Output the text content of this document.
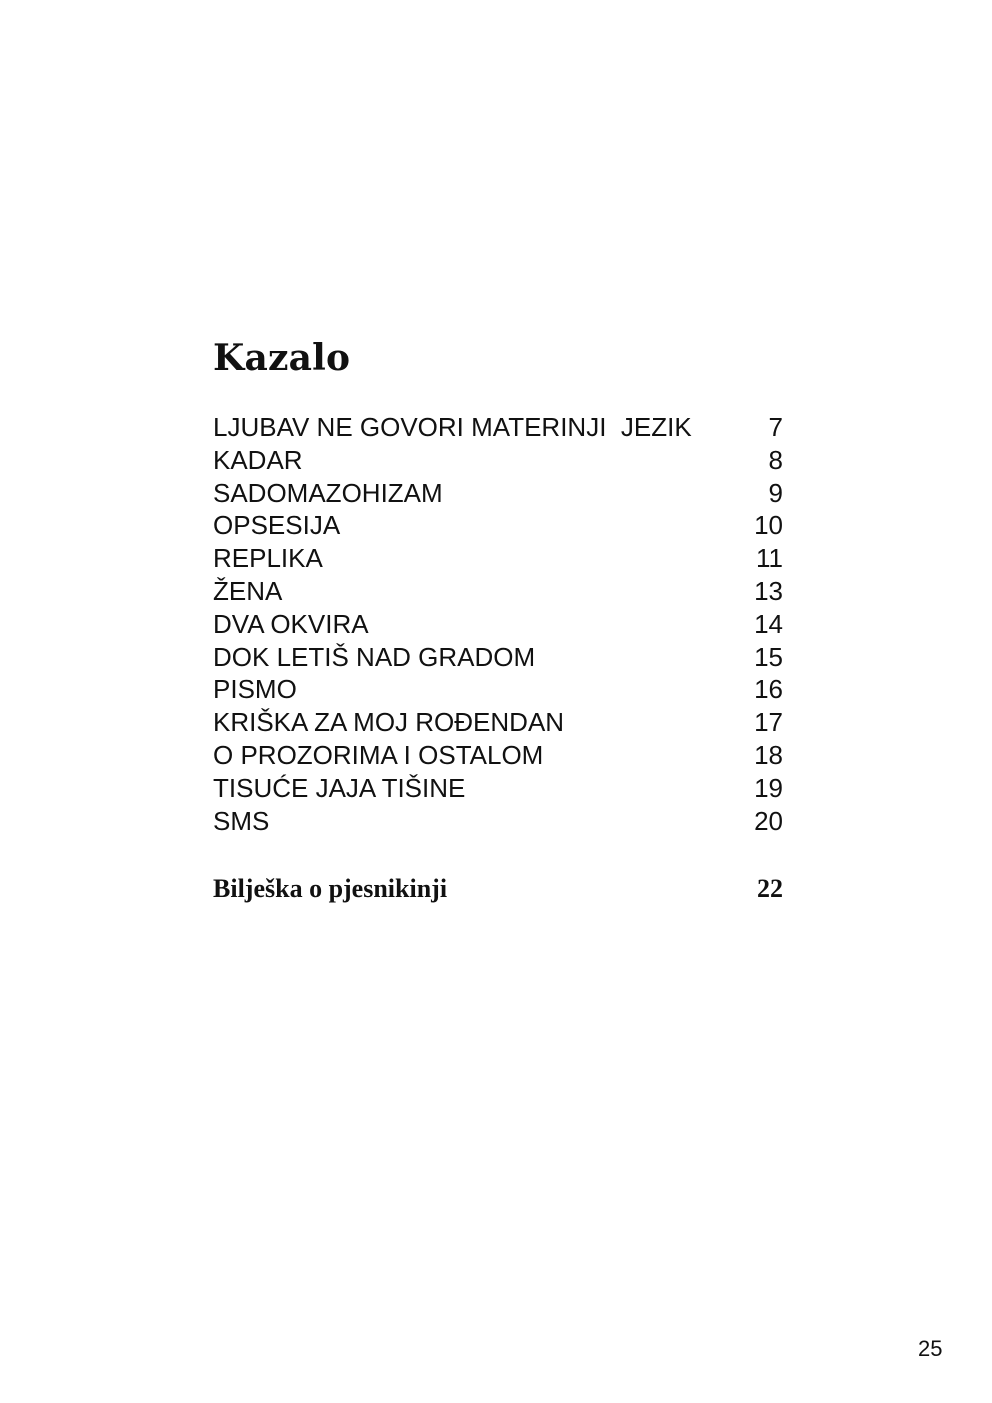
Kazalo
LJUBAV NE GOVORI MATERINJI  JEZIK	7
KADAR	8
SADOMAZOHIZAM	9
OPSESIJA	10
REPLIKA	11
ŽENA	13
DVA OKVIRA	14
DOK LETIŠ NAD GRADOM	15
PISMO	16
KRIŠKA ZA MOJ ROĐENDAN	17
O PROZORIMA I OSTALOM	18
TISUĆE JAJA TIŠINE	19
SMS	20
Bilješka o pjesnikinji	22
25
